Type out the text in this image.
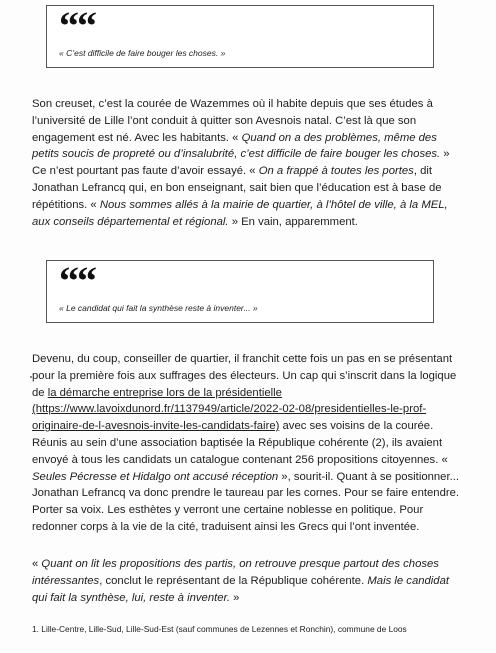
““
« C’est difficile de faire bouger les choses. »

Son creuset, c’est la courée de Wazemmes où il habite depuis que ses études à l’université de Lille l’ont conduit à quitter son Avesnois natal. C’est là que son engagement est né. Avec les habitants. « Quand on a des problèmes, même des petits soucis de propreté ou d’insalubrité, c’est difficile de faire bouger les choses. » Ce n’est pourtant pas faute d’avoir essayé. « On a frappé à toutes les portes, dit Jonathan Lefrancq qui, en bon enseignant, sait bien que l’éducation est à base de répétitions. « Nous sommes allés à la mairie de quartier, à l’hôtel de ville, à la MEL, aux conseils départemental et régional. » En vain, apparemment.

““
« Le candidat qui fait la synthèse reste à inventer... »

Devenu, du coup, conseiller de quartier, il franchit cette fois un pas en se présentant pour la première fois aux suffrages des électeurs. Un cap qui s’inscrit dans la logique de la démarche entreprise lors de la présidentielle (https://www.lavoixdunord.fr/1137949/article/2022-02-08/presidentielles-le-prof-originaire-de-l-avesnois-invite-les-candidats-faire) avec ses voisins de la courée. Réunis au sein d’une association baptisée la République cohérente (2), ils avaient envoyé à tous les candidats un catalogue contenant 256 propositions citoyennes. « Seules Pécresse et Hidalgo ont accusé réception », sourit-il. Quant à se positionner... Jonathan Lefrancq va donc prendre le taureau par les cornes. Pour se faire entendre. Porter sa voix. Les esthètes y verront une certaine noblesse en politique. Pour redonner corps à la vie de la cité, traduisent ainsi les Grecs qui l’ont inventée.

« Quant on lit les propositions des partis, on retrouve presque partout des choses intéressantes, conclut le représentant de la République cohérente. Mais le candidat qui fait la synthèse, lui, reste à inventer. »

1. Lille-Centre, Lille-Sud, Lille-Sud-Est (sauf communes de Lezennes et Ronchin), commune de Loos
